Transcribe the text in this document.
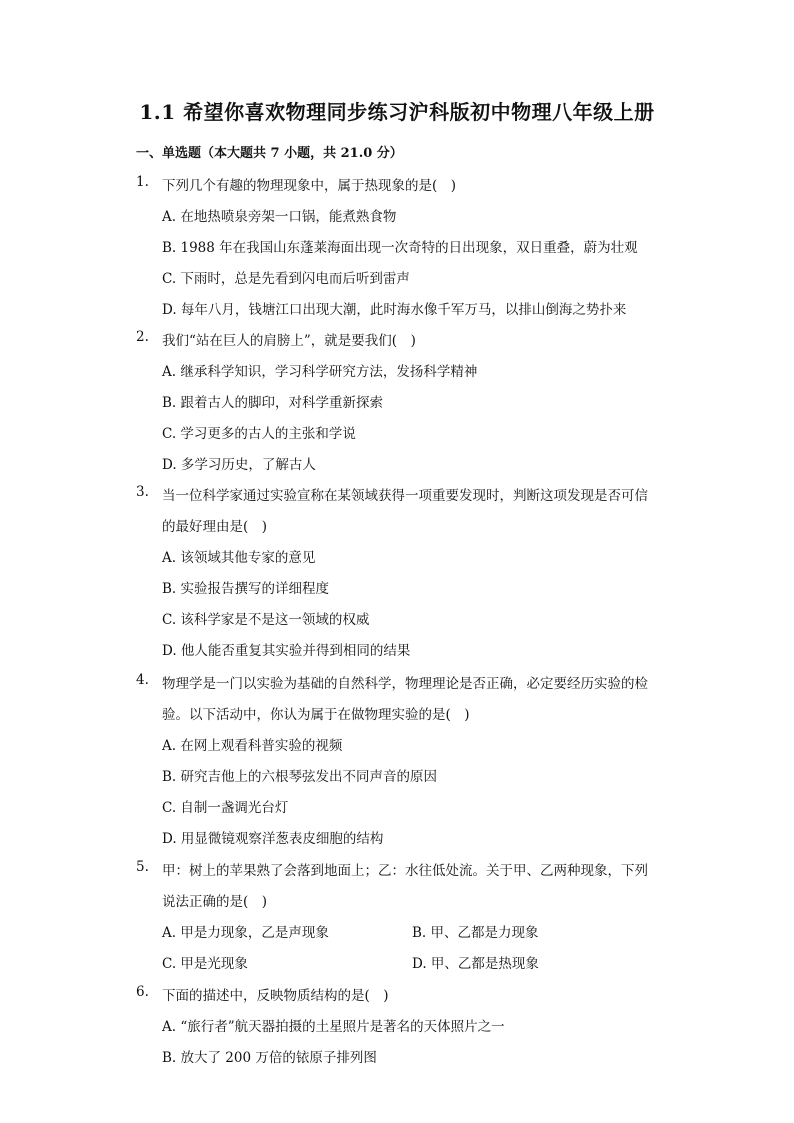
1.1 希望你喜欢物理同步练习沪科版初中物理八年级上册
一、单选题（本大题共 7 小题，共 21.0 分）
1. 下列几个有趣的物理现象中，属于热现象的是(　)
A. 在地热喷泉旁架一口锅，能煮熟食物
B. 1988 年在我国山东蓬莱海面出现一次奇特的日出现象，双日重叠，蔚为壮观
C. 下雨时，总是先看到闪电而后听到雷声
D. 每年八月，钱塘江口出现大潮，此时海水像千军万马，以排山倒海之势扑来
2. 我们“站在巨人的肩膀上”，就是要我们(　)
A. 继承科学知识，学习科学研究方法，发扬科学精神
B. 跟着古人的脚印，对科学重新探索
C. 学习更多的古人的主张和学说
D. 多学习历史，了解古人
3. 当一位科学家通过实验宣称在某领域获得一项重要发现时，判断这项发现是否可信
的最好理由是(　)
A. 该领域其他专家的意见
B. 实验报告撰写的详细程度
C. 该科学家是不是这一领域的权威
D. 他人能否重复其实验并得到相同的结果
4. 物理学是一门以实验为基础的自然科学，物理理论是否正确，必定要经历实验的检
验。以下活动中，你认为属于在做物理实验的是(　)
A. 在网上观看科普实验的视频
B. 研究吉他上的六根琴弦发出不同声音的原因
C. 自制一盏调光台灯
D. 用显微镜观察洋葱表皮细胞的结构
5. 甲：树上的苹果熟了会落到地面上；乙：水往低处流。关于甲、乙两种现象，下列
说法正确的是(　)
A. 甲是力现象，乙是声现象	B. 甲、乙都是力现象
C. 甲是光现象	D. 甲、乙都是热现象
6. 下面的描述中，反映物质结构的是(　)
A. “旅行者”航天器拍摄的土星照片是著名的天体照片之一
B. 放大了 200 万倍的铱原子排列图
